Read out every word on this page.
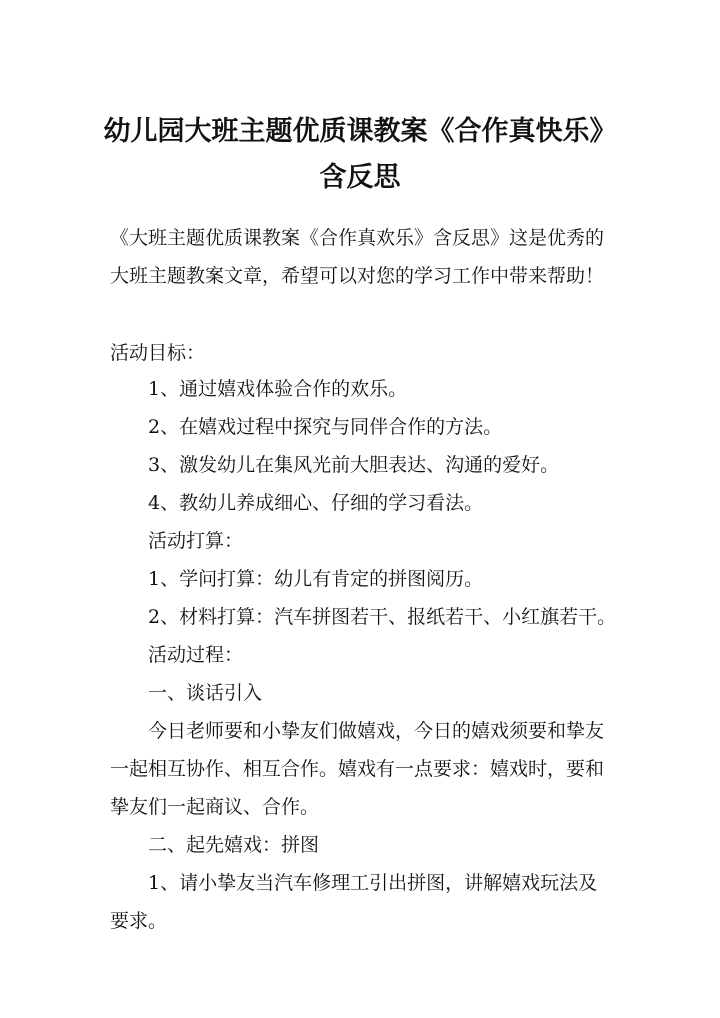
幼儿园大班主题优质课教案《合作真快乐》
含反思

《大班主题优质课教案《合作真欢乐》含反思》这是优秀的

大班主题教案文章，希望可以对您的学习工作中带来帮助！

活动目标：

1、通过嬉戏体验合作的欢乐。

2、在嬉戏过程中探究与同伴合作的方法。

3、激发幼儿在集风光前大胆表达、沟通的爱好。

4、教幼儿养成细心、仔细的学习看法。

活动打算：

1、学问打算：幼儿有肯定的拼图阅历。

2、材料打算：汽车拼图若干、报纸若干、小红旗若干。

活动过程：

一、谈话引入

今日老师要和小挚友们做嬉戏，今日的嬉戏须要和挚友

一起相互协作、相互合作。嬉戏有一点要求：嬉戏时，要和

挚友们一起商议、合作。

二、起先嬉戏：拼图

1、请小挚友当汽车修理工引出拼图，讲解嬉戏玩法及

要求。
